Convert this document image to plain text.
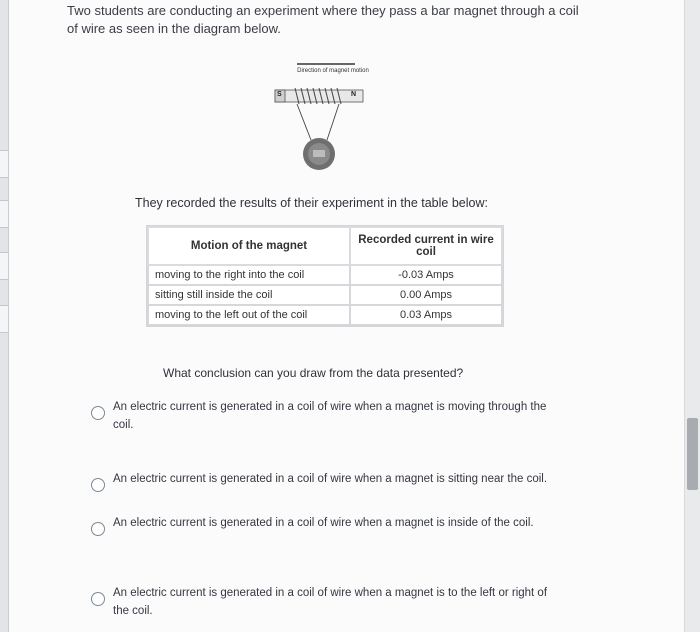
Two students are conducting an experiment where they pass a bar magnet through a coil of wire as seen in the diagram below.
Direction of magnet motion
S	N
They recorded the results of their experiment in the table below:
Motion of the magnet	Recorded current in wire coil
moving to the right into the coil	-0.03 Amps
sitting still inside the coil	0.00 Amps
moving to the left out of the coil	0.03 Amps
What conclusion can you draw from the data presented?
An electric current is generated in a coil of wire when a magnet is moving through the coil.
An electric current is generated in a coil of wire when a magnet is sitting near the coil.
An electric current is generated in a coil of wire when a magnet is inside of the coil.
An electric current is generated in a coil of wire when a magnet is to the left or right of the coil.
